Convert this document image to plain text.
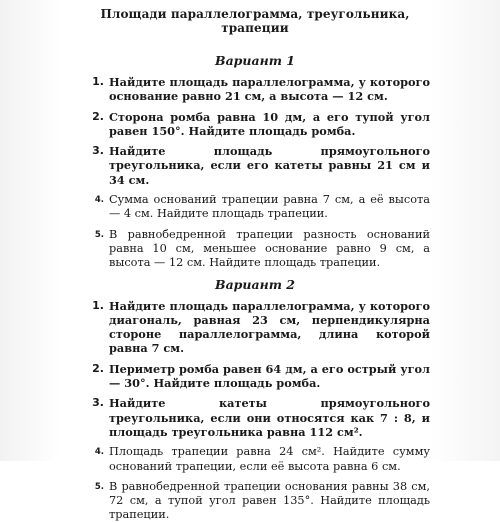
Площади параллелограмма, треугольника, трапеции
Вариант 1
1. Найдите площадь параллелограмма, у которого основание равно 21 см, а высота — 12 см.
2. Сторона ромба равна 10 дм, а его тупой угол равен 150°. Найдите площадь ромба.
3. Найдите площадь прямоугольного треугольника, если его катеты равны 21 см и 34 см.
4. Сумма оснований трапеции равна 7 см, а её высота — 4 см. Найдите площадь трапеции.
5. В равнобедренной трапеции разность оснований равна 10 см, меньшее основание равно 9 см, а высота — 12 см. Найдите площадь трапеции.
Вариант 2
1. Найдите площадь параллелограмма, у которого диагональ, равная 23 см, перпендикулярна стороне параллелограмма, длина которой равна 7 см.
2. Периметр ромба равен 64 дм, а его острый угол — 30°. Найдите площадь ромба.
3. Найдите катеты прямоугольного треугольника, если они относятся как 7 : 8, и площадь треугольника равна 112 см².
4. Площадь трапеции равна 24 см². Найдите сумму оснований трапеции, если её высота равна 6 см.
5. В равнобедренной трапеции основания равны 38 см, 72 см, а тупой угол равен 135°. Найдите площадь трапеции.
